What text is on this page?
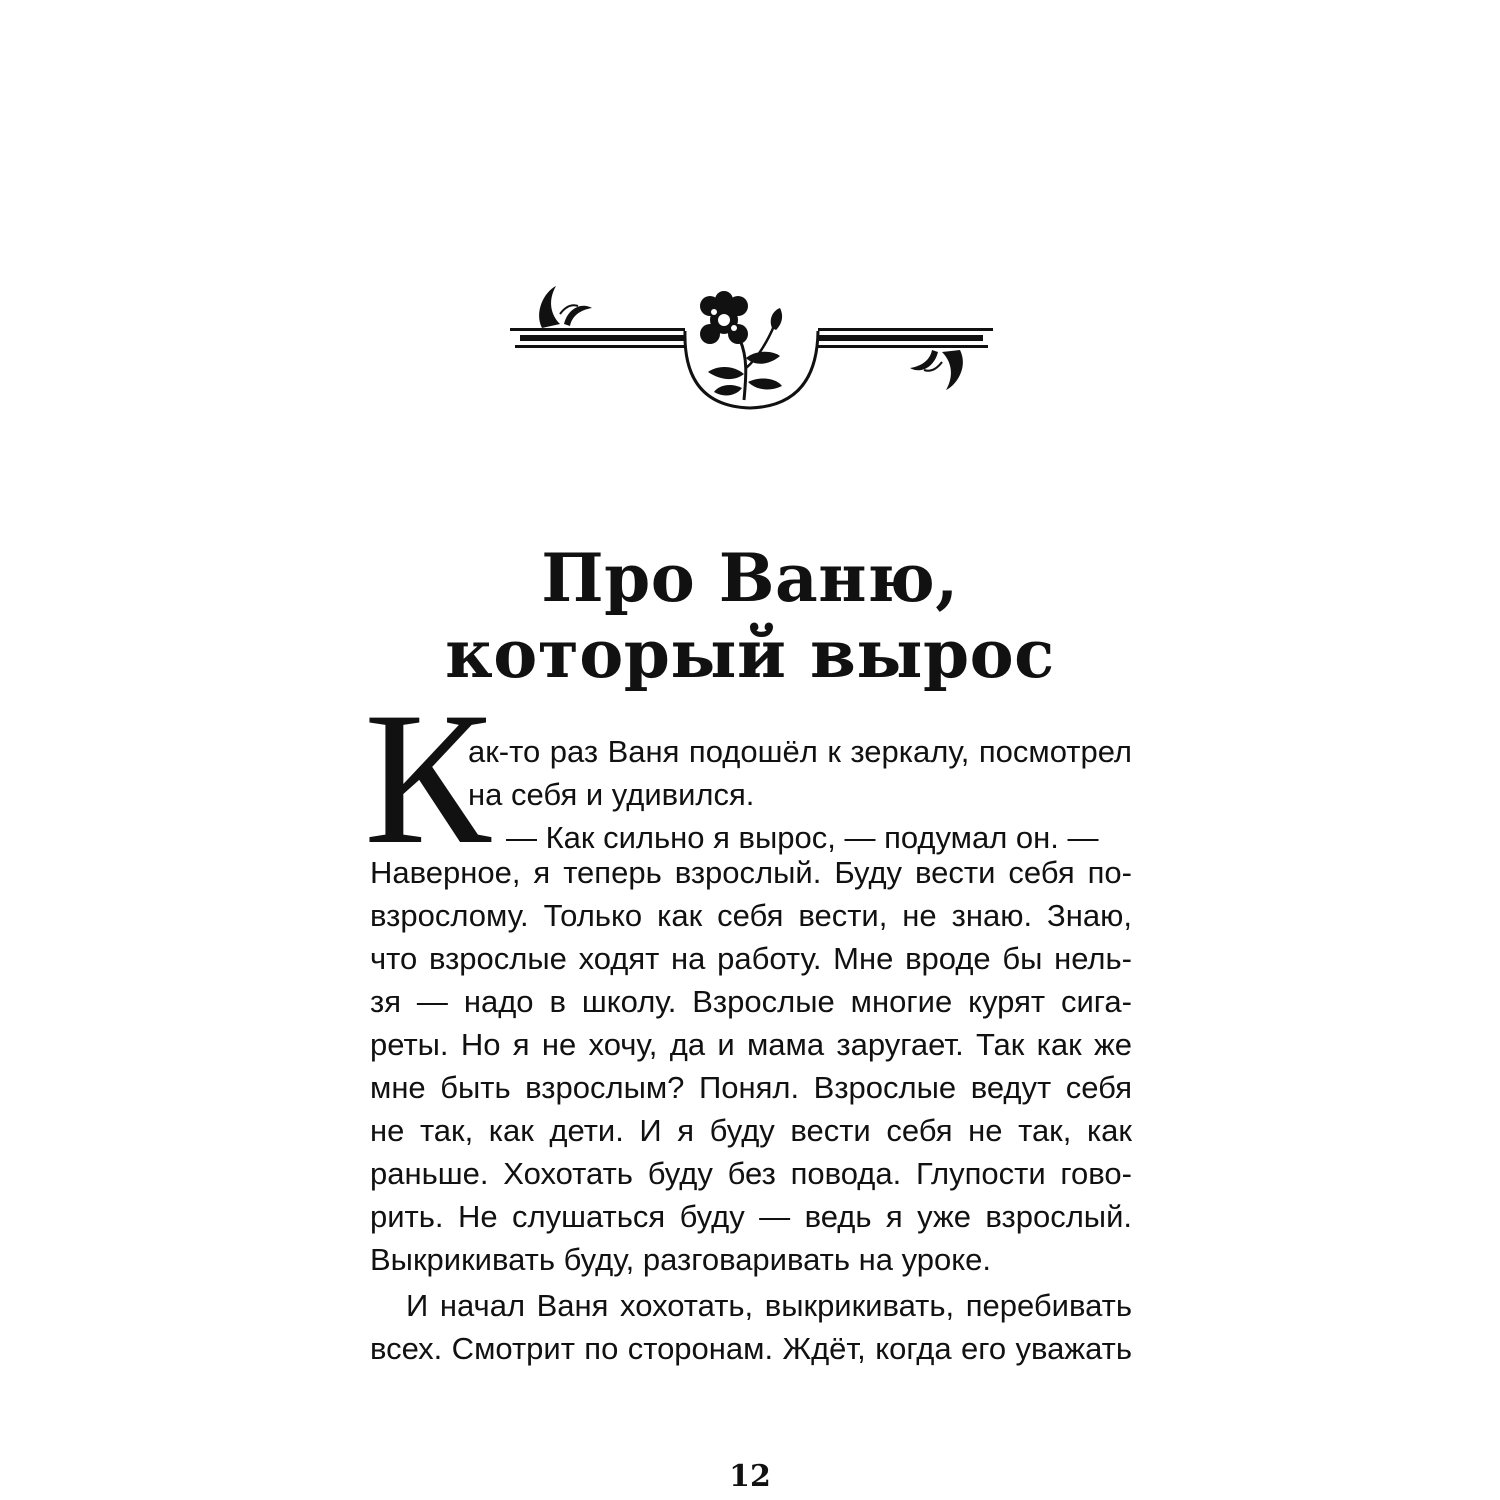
Про Ваню,
который вырос
К
ак-то раз Ваня подошёл к зеркалу, посмотрел
на себя и удивился.
— Как сильно я вырос, — подумал он. —
Наверное, я теперь взрослый. Буду вести себя по-
взрослому. Только как себя вести, не знаю. Знаю,
что взрослые ходят на работу. Мне вроде бы нель-
зя — надо в школу. Взрослые многие курят сига-
реты. Но я не хочу, да и мама заругает. Так как же
мне быть взрослым? Понял. Взрослые ведут себя
не так, как дети. И я буду вести себя не так, как
раньше. Хохотать буду без повода. Глупости гово-
рить. Не слушаться буду — ведь я уже взрослый.
Выкрикивать буду, разговаривать на уроке.
И начал Ваня хохотать, выкрикивать, перебивать
всех. Смотрит по сторонам. Ждёт, когда его уважать
12
